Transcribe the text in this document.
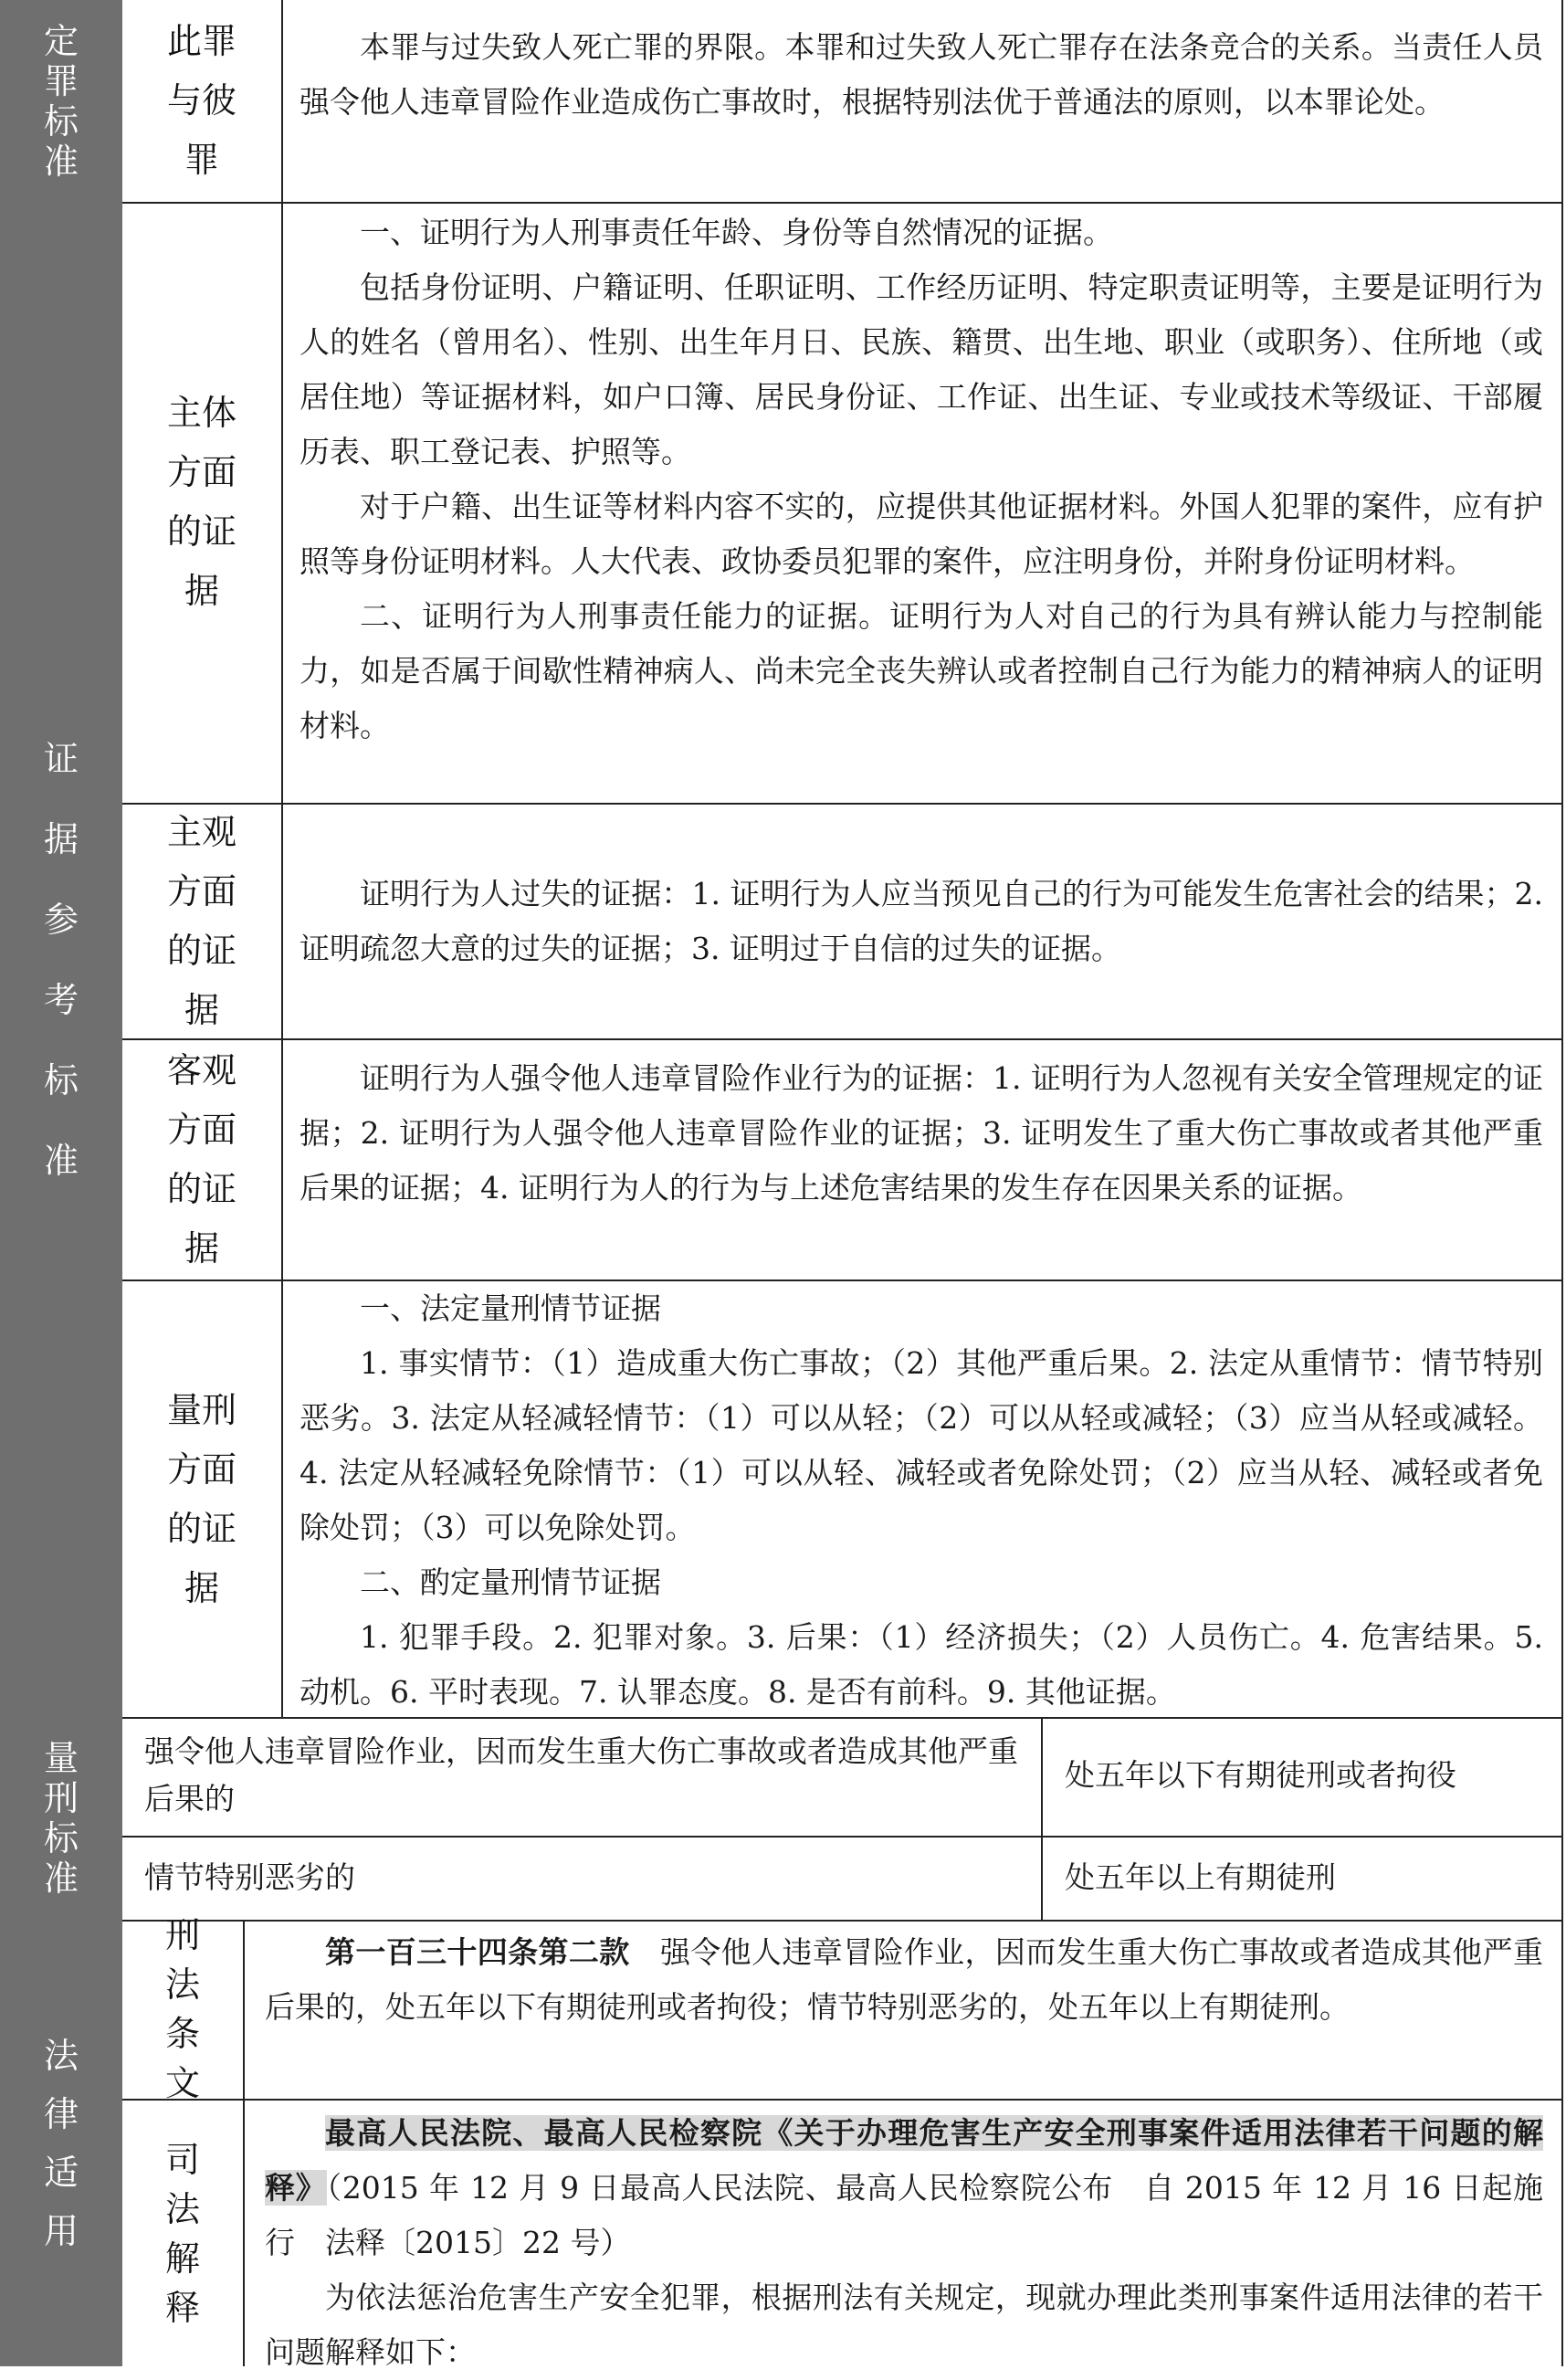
定罪标准
此罪与彼罪

本罪与过失致人死亡罪的界限。本罪和过失致人死亡罪存在法条竞合的关系。当责任人员强令他人违章冒险作业造成伤亡事故时，根据特别法优于普通法的原则，以本罪论处。

证据参考标准
主体方面的证据

一、证明行为人刑事责任年龄、身份等自然情况的证据。

包括身份证明、户籍证明、任职证明、工作经历证明、特定职责证明等，主要是证明行为人的姓名（曾用名）、性别、出生年月日、民族、籍贯、出生地、职业（或职务）、住所地（或居住地）等证据材料，如户口簿、居民身份证、工作证、出生证、专业或技术等级证、干部履历表、职工登记表、护照等。

对于户籍、出生证等材料内容不实的，应提供其他证据材料。外国人犯罪的案件，应有护照等身份证明材料。人大代表、政协委员犯罪的案件，应注明身份，并附身份证明材料。

二、证明行为人刑事责任能力的证据。证明行为人对自己的行为具有辨认能力与控制能力，如是否属于间歇性精神病人、尚未完全丧失辨认或者控制自己行为能力的精神病人的证明材料。

主观方面的证据

证明行为人过失的证据：1. 证明行为人应当预见自己的行为可能发生危害社会的结果；2. 证明疏忽大意的过失的证据；3. 证明过于自信的过失的证据。

客观方面的证据

证明行为人强令他人违章冒险作业行为的证据：1. 证明行为人忽视有关安全管理规定的证据；2. 证明行为人强令他人违章冒险作业的证据；3. 证明发生了重大伤亡事故或者其他严重后果的证据；4. 证明行为人的行为与上述危害结果的发生存在因果关系的证据。

量刑方面的证据

一、法定量刑情节证据

1. 事实情节：（1）造成重大伤亡事故；（2）其他严重后果。2. 法定从重情节：情节特别恶劣。3. 法定从轻减轻情节：（1）可以从轻；（2）可以从轻或减轻；（3）应当从轻或减轻。4. 法定从轻减轻免除情节：（1）可以从轻、减轻或者免除处罚；（2）应当从轻、减轻或者免除处罚；（3）可以免除处罚。

二、酌定量刑情节证据

1. 犯罪手段。2. 犯罪对象。3. 后果：（1）经济损失；（2）人员伤亡。4. 危害结果。5. 动机。6. 平时表现。7. 认罪态度。8. 是否有前科。9. 其他证据。

量刑标准
强令他人违章冒险作业，因而发生重大伤亡事故或者造成其他严重后果的
处五年以下有期徒刑或者拘役
情节特别恶劣的	处五年以上有期徒刑
法律适用
刑法条文

第一百三十四条第二款　 强令他人违章冒险作业，因而发生重大伤亡事故或者造成其他严重后果的，处五年以下有期徒刑或者拘役；情节特别恶劣的，处五年以上有期徒刑。

司法解释

最高人民法院、最高人民检察院《关于办理危害生产安全刑事案件适用法律若干问题的解释》（2015 年 12 月 9 日最高人民法院、最高人民检察院公布　自 2015 年 12 月 16 日起施行　法释〔2015〕22 号）

为依法惩治危害生产安全犯罪，根据刑法有关规定，现就办理此类刑事案件适用法律的若干问题解释如下：
